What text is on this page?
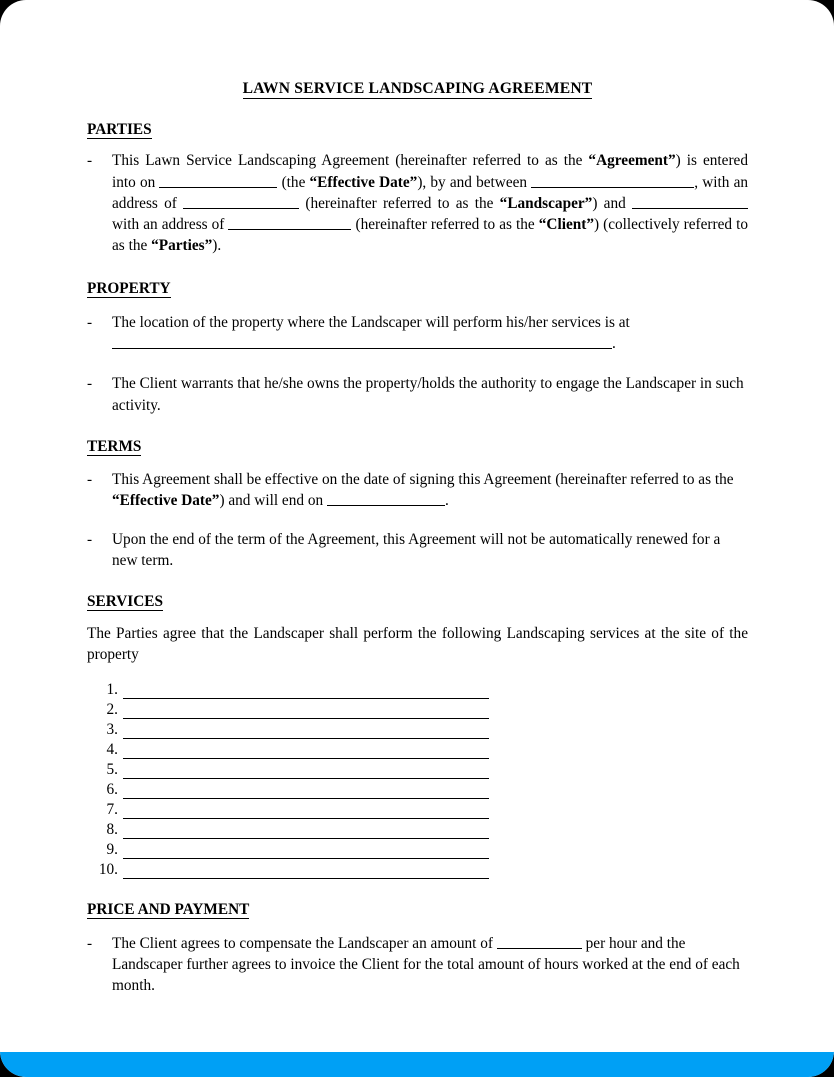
LAWN SERVICE LANDSCAPING AGREEMENT
PARTIES
-	This Lawn Service Landscaping Agreement (hereinafter referred to as the “Agreement”) is entered into on	(the “Effective Date”), by and between	, with an address of	(hereinafter referred to as the “Landscaper”) and with an address of	(hereinafter referred to as the “Client”) (collectively referred to as the “Parties”).
PROPERTY
-	The location of the property where the Landscaper will perform his/her services is at
.
-	The Client warrants that he/she owns the property/holds the authority to engage the Landscaper in such activity.
TERMS
-	This Agreement shall be effective on the date of signing this Agreement (hereinafter referred to as the “Effective Date”) and will end on	.
-	Upon the end of the term of the Agreement, this Agreement will not be automatically renewed for a new term.
SERVICES

The Parties agree that the Landscaper shall perform the following Landscaping services at the site of the property

1.
2.
3.
4.
5.
6.
7.
8.
9.
10.
PRICE AND PAYMENT
-	The Client agrees to compensate the Landscaper an amount of	per hour and the Landscaper further agrees to invoice the Client for the total amount of hours worked at the end of each month.
